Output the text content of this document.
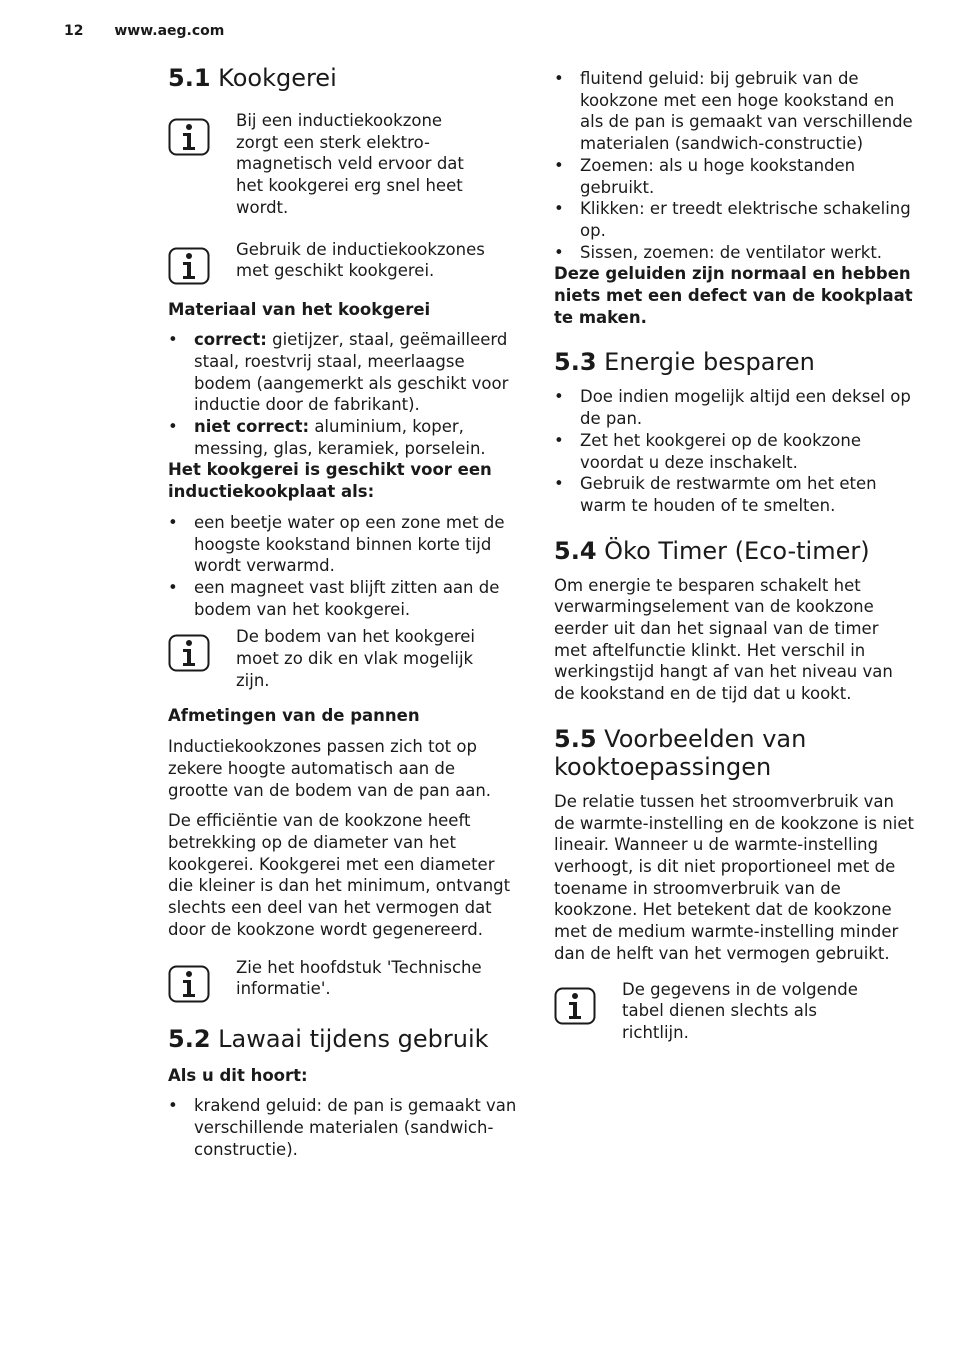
12 www.aeg.com
5.1 Kookgerei
Bij een inductiekookzone zorgt een sterk elektro-magnetisch veld ervoor dat het kookgerei erg snel heet wordt.
Gebruik de inductiekookzones met geschikt kookgerei.
Materiaal van het kookgerei
• correct: gietijzer, staal, geëmailleerd staal, roestvrij staal, meerlaagse bodem (aangemerkt als geschikt voor inductie door de fabrikant).
• niet correct: aluminium, koper, messing, glas, keramiek, porselein.
Het kookgerei is geschikt voor een inductiekookplaat als:
• een beetje water op een zone met de hoogste kookstand binnen korte tijd wordt verwarmd.
• een magneet vast blijft zitten aan de bodem van het kookgerei.
De bodem van het kookgerei moet zo dik en vlak mogelijk zijn.
Afmetingen van de pannen

Inductiekookzones passen zich tot op zekere hoogte automatisch aan de grootte van de bodem van de pan aan.

De efficiëntie van de kookzone heeft betrekking op de diameter van het kookgerei. Kookgerei met een diameter die kleiner is dan het minimum, ontvangt slechts een deel van het vermogen dat door de kookzone wordt gegenereerd.

Zie het hoofdstuk 'Technische informatie'.
5.2 Lawaai tijdens gebruik
Als u dit hoort:
• krakend geluid: de pan is gemaakt van verschillende materialen (sandwich-constructie).
• fluitend geluid: bij gebruik van de kookzone met een hoge kookstand en als de pan is gemaakt van verschillende materialen (sandwich-constructie)
• Zoemen: als u hoge kookstanden gebruikt.
• Klikken: er treedt elektrische schakeling op.
• Sissen, zoemen: de ventilator werkt.

Deze geluiden zijn normaal en hebben niets met een defect van de kookplaat te maken.

5.3 Energie besparen
• Doe indien mogelijk altijd een deksel op de pan.
• Zet het kookgerei op de kookzone voordat u deze inschakelt.
• Gebruik de restwarmte om het eten warm te houden of te smelten.
5.4 Öko Timer (Eco-timer)

Om energie te besparen schakelt het verwarmingselement van de kookzone eerder uit dan het signaal van de timer met aftelfunctie klinkt. Het verschil in werkingstijd hangt af van het niveau van de kookstand en de tijd dat u kookt.

5.5 Voorbeelden van kooktoepassingen

De relatie tussen het stroomverbruik van de warmte-instelling en de kookzone is niet lineair. Wanneer u de warmte-instelling verhoogt, is dit niet proportioneel met de toename in stroomverbruik van de kookzone. Het betekent dat de kookzone met de medium warmte-instelling minder dan de helft van het vermogen gebruikt.

De gegevens in de volgende tabel dienen slechts als richtlijn.
